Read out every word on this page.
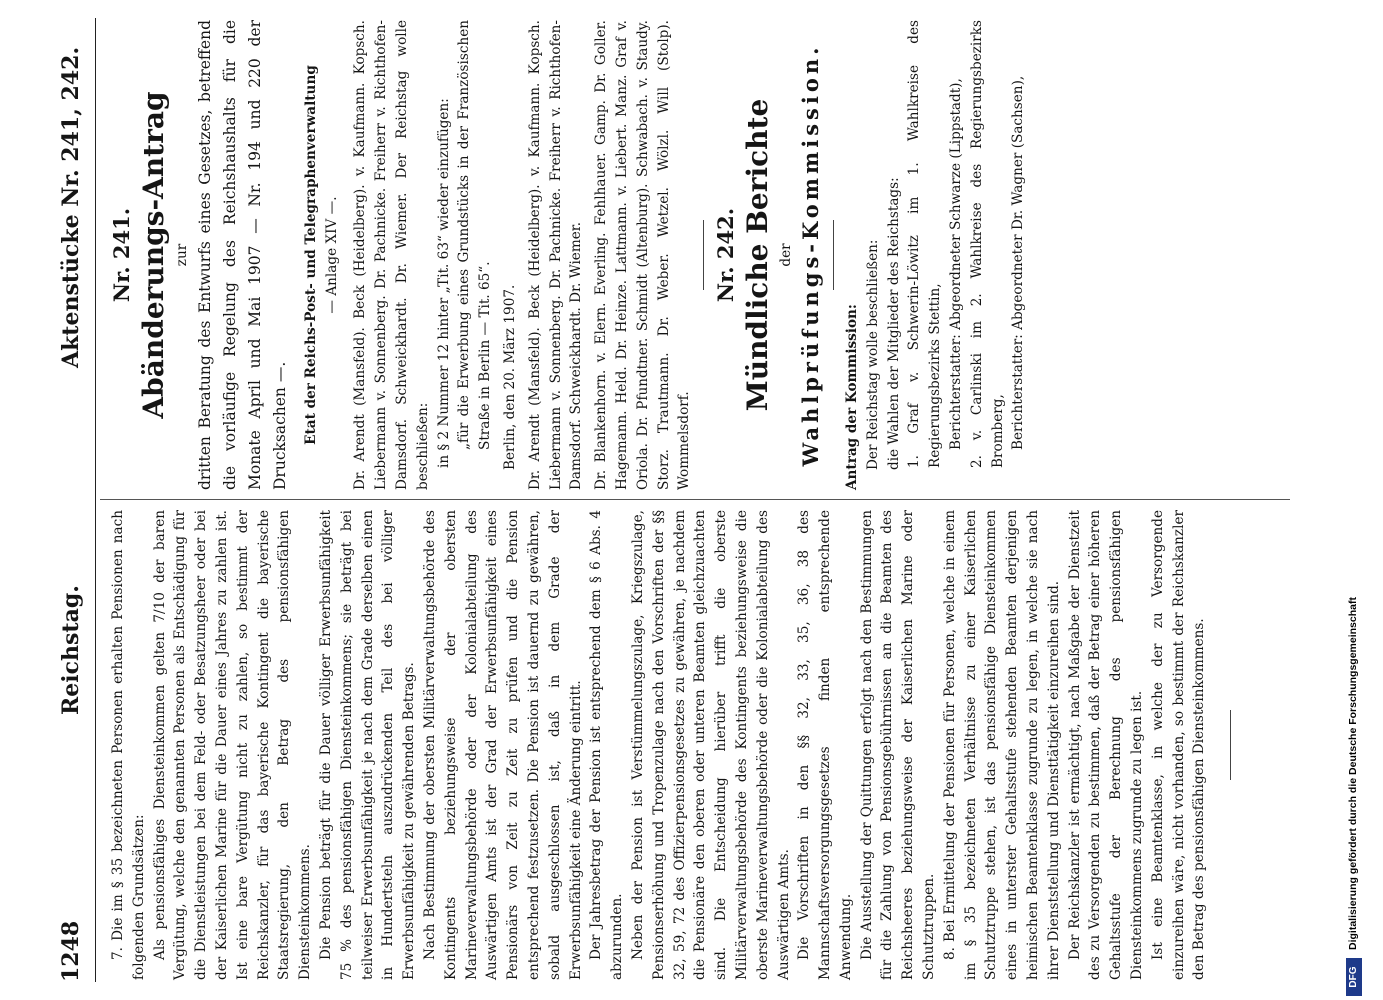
1248
Reichstag.
Aktenstücke Nr. 241, 242.

7. Die im § 35 bezeichneten Personen erhalten Pensionen nach folgenden Grundsätzen: Als pensionsfähiges Diensteinkommen gelten 7/10 der baren Vergütung, welche den genannten Personen als Entschädigung für die Dienstleistungen bei dem Feld- oder Besatzungsheer oder bei der Kaiserlichen Marine für die Dauer eines Jahres zu zahlen ist. Ist eine bare Vergütung nicht zu zahlen, so bestimmt der Reichskanzler, für das bayerische Kontingent die bayerische Staatsregierung, den Betrag des pensionsfähigen Diensteinkommens. Die Pension beträgt für die Dauer völliger Erwerbsunfähigkeit 75 % des pensionsfähigen Diensteinkommens; sie beträgt bei teilweiser Erwerbsunfähigkeit je nach dem Grade derselben einen in Hundertsteln auszudrückenden Teil des bei völliger Erwerbsunfähigkeit zu gewährenden Betrags. Nach Bestimmung der obersten Militärverwaltungsbehörde des Kontingents beziehungsweise der obersten Marineverwaltungsbehörde oder der Kolonialabteilung des Auswärtigen Amts ist der Grad der Erwerbsunfähigkeit eines Pensionärs von Zeit zu Zeit zu prüfen und die Pension entsprechend festzusetzen. Die Pension ist dauernd zu gewähren, sobald ausgeschlossen ist, daß in dem Grade der Erwerbsunfähigkeit eine Änderung eintritt. Der Jahresbetrag der Pension ist entsprechend dem § 6 Abs. 4 abzurunden. Neben der Pension ist Verstümmelungszulage, Kriegszulage, Pensionserhöhung und Tropenzulage nach den Vorschriften der §§ 32, 59, 72 des Offizierpensionsgesetzes zu gewähren, je nachdem die Pensionäre den oberen oder unteren Beamten gleichzuachten sind. Die Entscheidung hierüber trifft die oberste Militärverwaltungsbehörde des Kontingents beziehungsweise die oberste Marineverwaltungsbehörde oder die Kolonialabteilung des Auswärtigen Amts. Die Vorschriften in den §§ 32, 33, 35, 36, 38 des Mannschaftsversorgungsgesetzes finden entsprechende Anwendung. Die Ausstellung der Quittungen erfolgt nach den Bestimmungen für die Zahlung von Pensionsgebührnissen an die Beamten des Reichsheeres beziehungsweise der Kaiserlichen Marine oder Schutztruppen. 8. Bei Ermittelung der Pensionen für Personen, welche in einem im § 35 bezeichneten Verhältnisse zu einer Kaiserlichen Schutztruppe stehen, ist das pensionsfähige Diensteinkommen eines in unterster Gehaltsstufe stehenden Beamten derjenigen heimischen Beamtenklasse zugrunde zu legen, in welche sie nach ihrer Dienststellung und Diensttätigkeit einzureihen sind. Der Reichskanzler ist ermächtigt, nach Maßgabe der Dienstzeit des zu Versorgenden zu bestimmen, daß der Betrag einer höheren Gehaltsstufe der Berechnung des pensionsfähigen Diensteinkommens zugrunde zu legen ist. Ist eine Beamtenklasse, in welche der zu Versorgende einzureihen wäre, nicht vorhanden, so bestimmt der Reichskanzler den Betrag des pensionsfähigen Diensteinkommens.

Nr. 241. Abänderungs-Antrag zur dritten Beratung des Entwurfs eines Gesetzes, betreffend die vorläufige Regelung des Reichshaushalts für die Monate April und Mai 1907 — Nr. 194 und 220 der Drucksachen —. Etat der Reichs-Post- und Telegraphenverwaltung — Anlage XIV —. Dr. Arendt (Mansfeld). Beck (Heidelberg). v. Kaufmann. Kopsch. Liebermann v. Sonnenberg. Dr. Pachnicke. Freiherr v. Richthofen-Damsdorf. Schweickhardt. Dr. Wiemer. Der Reichstag wolle beschließen: in § 2 Nummer 12 hinter „Tit. 63“ wieder einzufügen: „für die Erwerbung eines Grundstücks in der Französischen Straße in Berlin — Tit. 65“. Berlin, den 20. März 1907. Dr. Arendt (Mansfeld). Beck (Heidelberg). v. Kaufmann. Kopsch. Liebermann v. Sonnenberg. Dr. Pachnicke. Freiherr v. Richthofen-Damsdorf. Schweickhardt. Dr. Wiemer. Dr. Blankenhorn. v. Elern. Everling. Fehlhauer. Gamp. Dr. Goller. Hagemann. Held. Dr. Heinze. Lattmann. v. Liebert. Manz. Graf v. Oriola. Dr. Pfundtner. Schmidt (Altenburg). Schwabach. v. Staudy. Storz. Trautmann. Dr. Weber. Wetzel. Wölzl. Will (Stolp). Wommelsdorf.

Nr. 242. Mündliche Berichte der Wahlprüfungs-Kommission. Antrag der Kommission: Der Reichstag wolle beschließen: die Wahlen der Mitglieder des Reichstags: 1. Graf v. Schwerin-Löwitz im 1. Wahlkreise des Regierungsbezirks Stettin, Berichterstatter: Abgeordneter Schwarze (Lippstadt), 2. v. Carlinski im 2. Wahlkreise des Regierungsbezirks Bromberg, Berichterstatter: Abgeordneter Dr. Wagner (Sachsen),

DFG
Digitalisierung gefördert durch die Deutsche Forschungsgemeinschaft
